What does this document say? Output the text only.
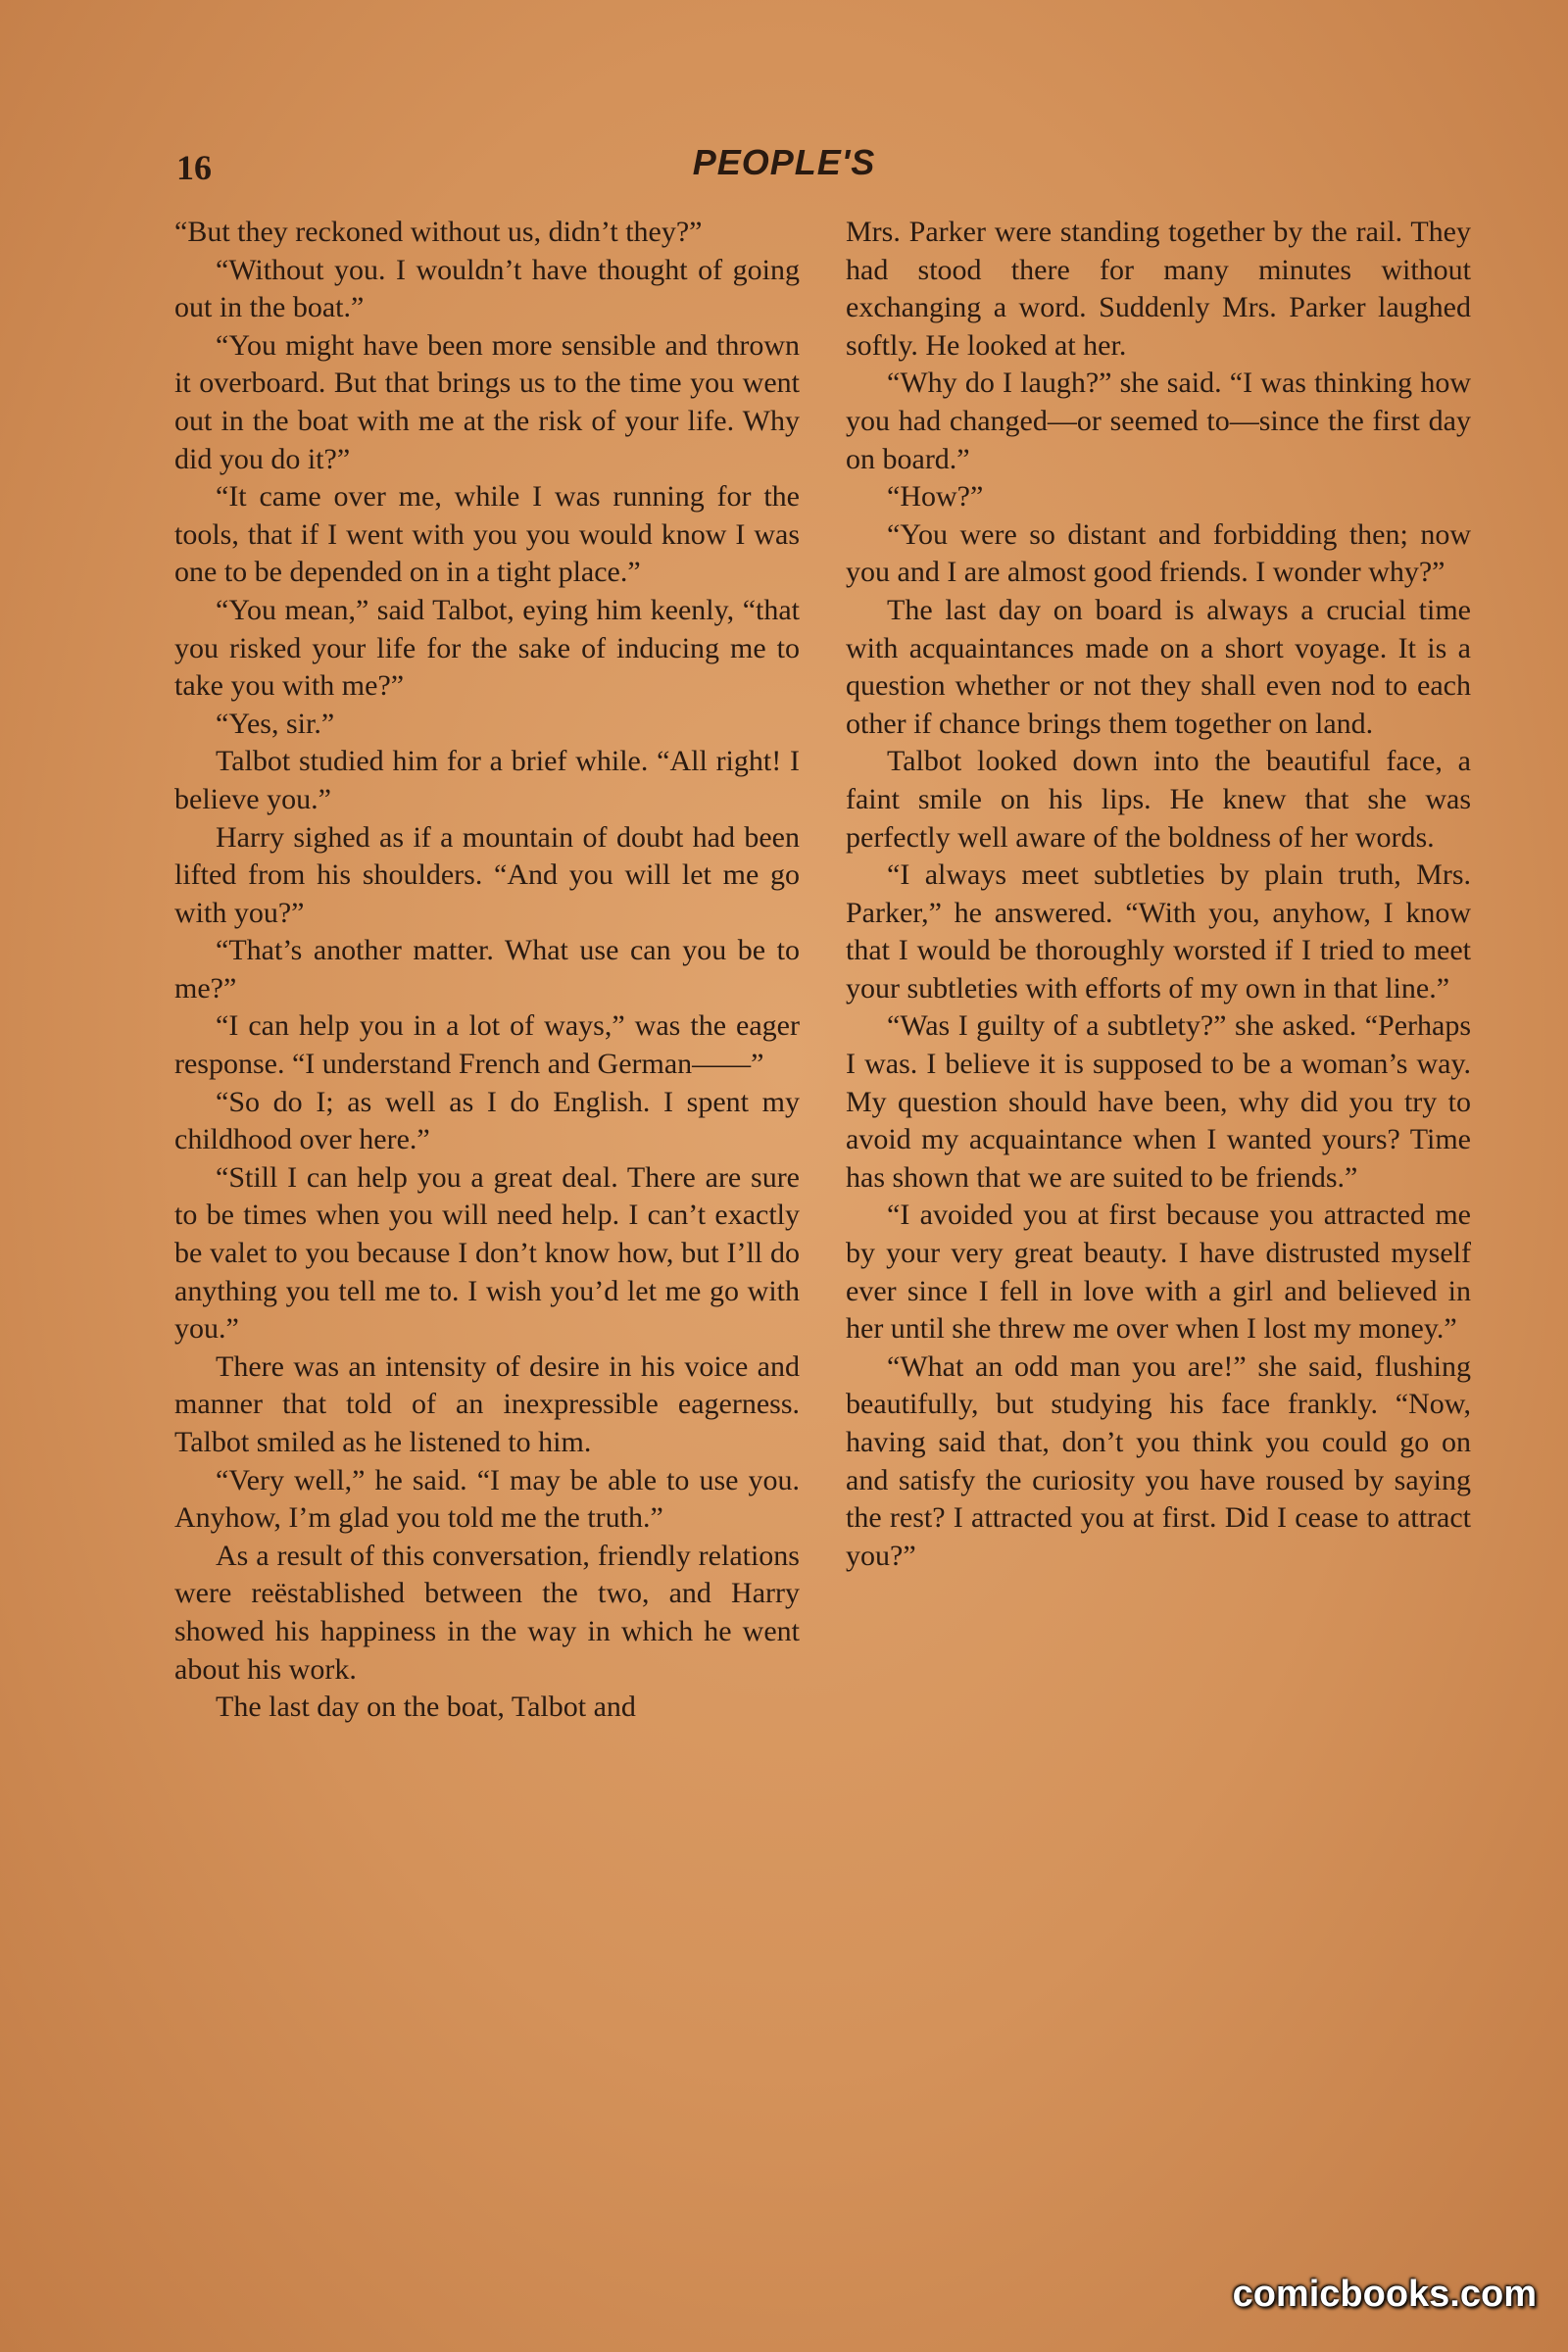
16	PEOPLE'S

“But they reckoned without us, didn’t they?”

“Without you. I wouldn’t have thought of going out in the boat.”

“You might have been more sensible and thrown it overboard. But that brings us to the time you went out in the boat with me at the risk of your life. Why did you do it?”

“It came over me, while I was running for the tools, that if I went with you you would know I was one to be depended on in a tight place.”

“You mean,” said Talbot, eying him keenly, “that you risked your life for the sake of inducing me to take you with me?”

“Yes, sir.”

Talbot studied him for a brief while. “All right! I believe you.”

Harry sighed as if a mountain of doubt had been lifted from his shoulders. “And you will let me go with you?”

“That’s another matter. What use can you be to me?”

“I can help you in a lot of ways,” was the eager response. “I understand French and German——”

“So do I; as well as I do English. I spent my childhood over here.”

“Still I can help you a great deal. There are sure to be times when you will need help. I can’t exactly be valet to you because I don’t know how, but I’ll do anything you tell me to. I wish you’d let me go with you.”

There was an intensity of desire in his voice and manner that told of an inexpressible eagerness. Talbot smiled as he listened to him.

“Very well,” he said. “I may be able to use you. Anyhow, I’m glad you told me the truth.”

As a result of this conversation, friendly relations were reëstablished between the two, and Harry showed his happiness in the way in which he went about his work.

The last day on the boat, Talbot and

Mrs. Parker were standing together by the rail. They had stood there for many minutes without exchanging a word. Suddenly Mrs. Parker laughed softly. He looked at her.

“Why do I laugh?” she said. “I was thinking how you had changed—or seemed to—since the first day on board.”

“How?”

“You were so distant and forbidding then; now you and I are almost good friends. I wonder why?”

The last day on board is always a crucial time with acquaintances made on a short voyage. It is a question whether or not they shall even nod to each other if chance brings them together on land.

Talbot looked down into the beautiful face, a faint smile on his lips. He knew that she was perfectly well aware of the boldness of her words.

“I always meet subtleties by plain truth, Mrs. Parker,” he answered. “With you, anyhow, I know that I would be thoroughly worsted if I tried to meet your subtleties with efforts of my own in that line.”

“Was I guilty of a subtlety?” she asked. “Perhaps I was. I believe it is supposed to be a woman’s way. My question should have been, why did you try to avoid my acquaintance when I wanted yours? Time has shown that we are suited to be friends.”

“I avoided you at first because you attracted me by your very great beauty. I have distrusted myself ever since I fell in love with a girl and believed in her until she threw me over when I lost my money.”

“What an odd man you are!” she said, flushing beautifully, but studying his face frankly. “Now, having said that, don’t you think you could go on and satisfy the curiosity you have roused by saying the rest? I attracted you at first. Did I cease to attract you?”

comicbooks.com
